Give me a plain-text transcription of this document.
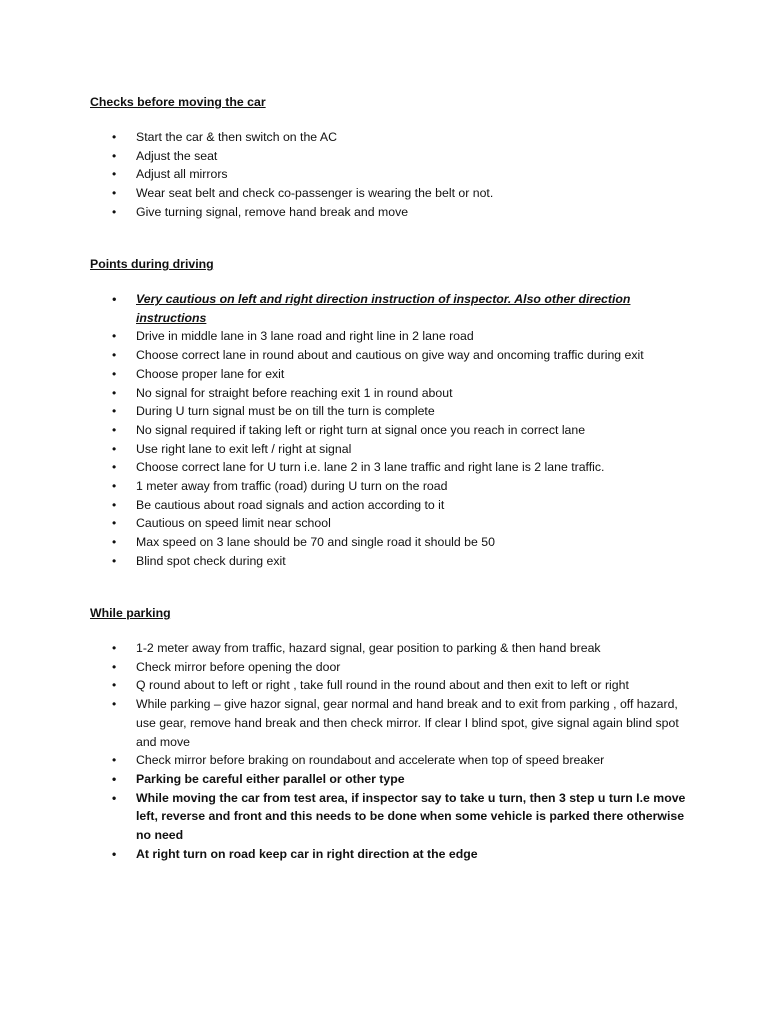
Checks before moving the car

•	Start the car & then switch on the AC
•	Adjust the seat
•	Adjust all mirrors
•	Wear seat belt and check co-passenger is wearing the belt or not.
•	Give turning signal, remove hand break and move

Points during driving

•	Very cautious on left and right direction instruction of inspector. Also other direction instructions
•	Drive in middle lane in 3 lane road and right line in 2 lane road
•	Choose correct lane in round about and cautious on give way and oncoming traffic during exit
•	Choose proper lane for exit
•	No signal for straight before reaching exit 1 in round about
•	During U turn signal must be on till the turn is complete
•	No signal required if taking left or right turn at signal once you reach in correct lane
•	Use right lane to exit left / right at signal
•	Choose correct lane for U turn i.e. lane 2 in 3 lane traffic and right lane is 2 lane traffic.
•	1 meter away from traffic (road) during U turn on the road
•	Be cautious about road signals and action according to it
•	Cautious on speed limit near school
•	Max speed on 3 lane should be 70 and single road it should be 50
•	Blind spot check during exit

While parking

•	1-2 meter away from traffic, hazard signal, gear position to parking & then hand break
•	Check mirror before opening the door
•	Q round about to left or right , take full round in the round about and then exit to left or right
•	While parking – give hazor signal, gear normal and hand break and to exit from parking , off hazard, use gear, remove hand break and then check mirror. If clear I blind spot, give signal again blind spot and move
•	Check mirror before braking on roundabout and accelerate when top of speed breaker
•	Parking be careful either parallel or other type
•	While moving the car from test area, if inspector say to take u turn, then 3 step u turn I.e move left, reverse and front and this needs to be done when some vehicle is parked there otherwise no need
•	At right turn on road keep car in right direction at the edge
